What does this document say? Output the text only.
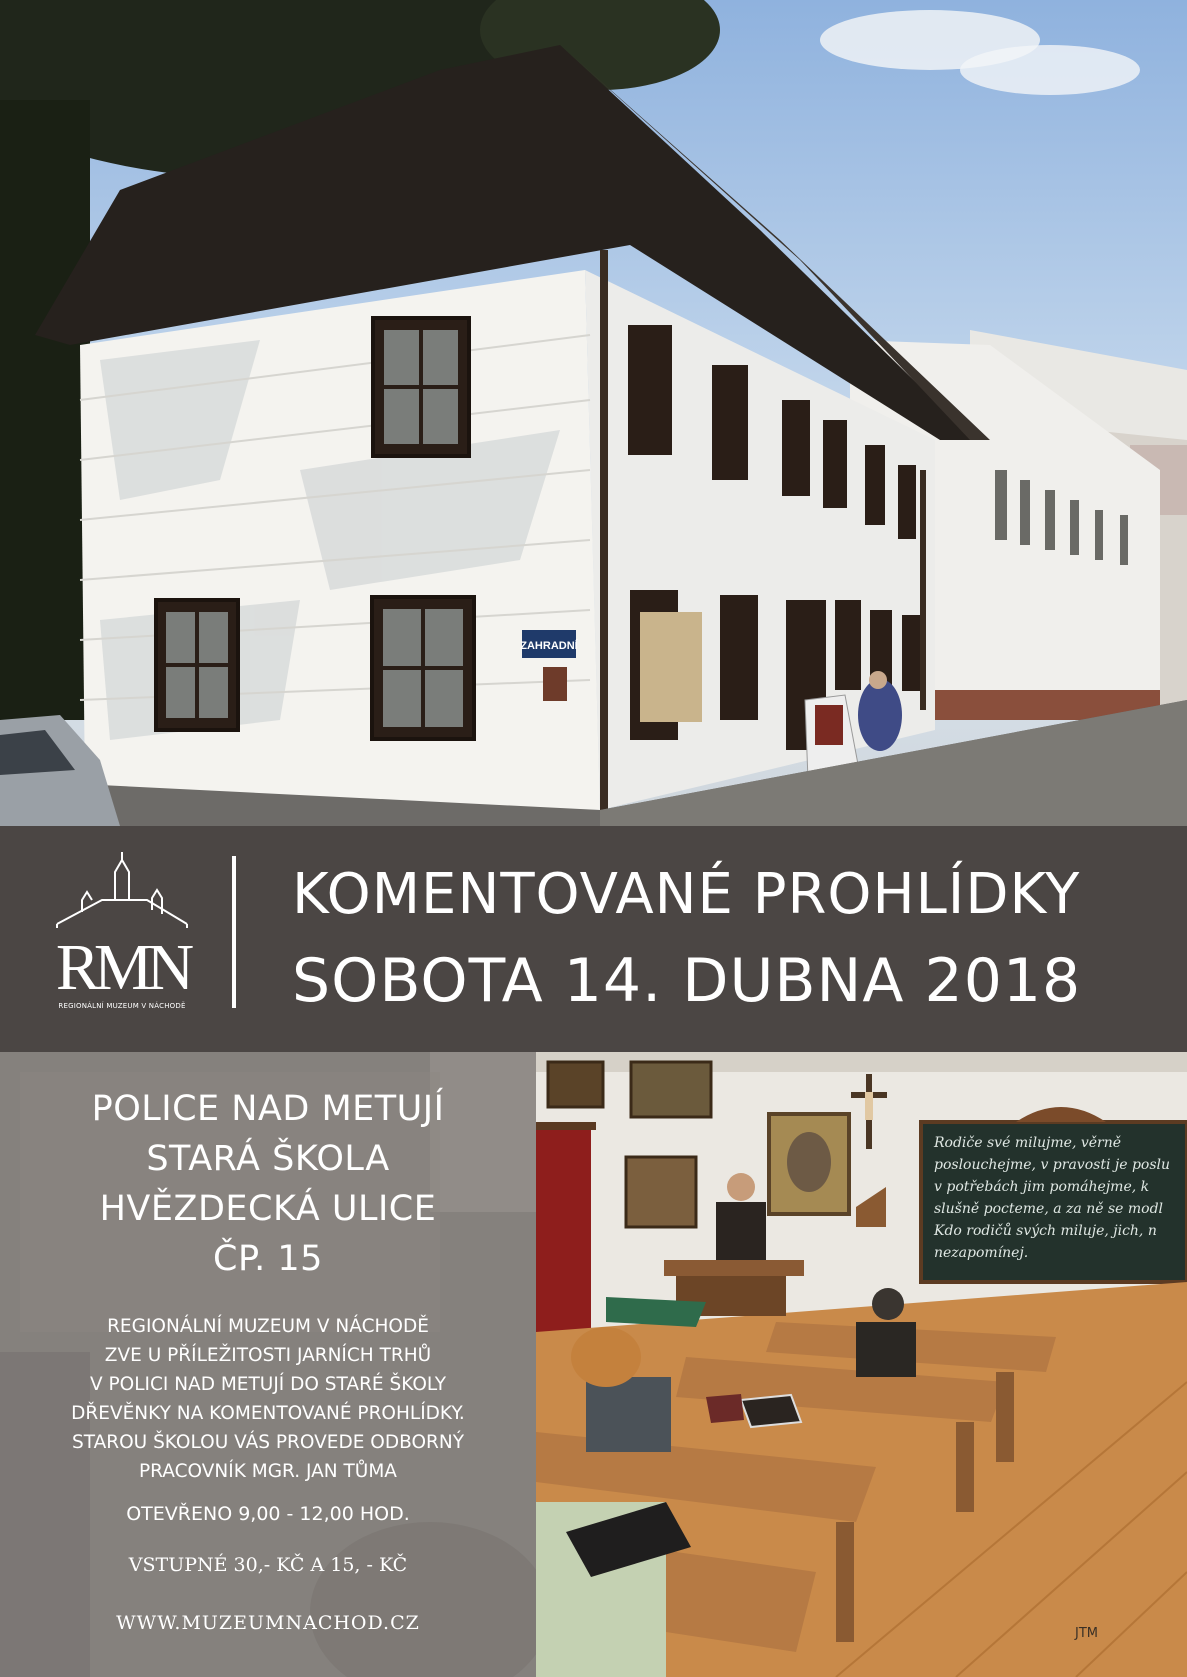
ZAHRADNÍ
RMN
REGIONÁLNÍ MUZEUM V NÁCHODĚ
KOMENTOVANÉ PROHLÍDKY
SOBOTA 14. DUBNA 2018
POLICE NAD METUJÍ
STARÁ ŠKOLA
HVĚZDECKÁ ULICE
ČP. 15
REGIONÁLNÍ MUZEUM V NÁCHODĚ
ZVE U PŘÍLEŽITOSTI JARNÍCH TRHŮ
V POLICI NAD METUJÍ DO STARÉ ŠKOLY
DŘEVĚNKY NA KOMENTOVANÉ PROHLÍDKY.
STAROU ŠKOLOU VÁS PROVEDE ODBORNÝ
PRACOVNÍK MGR. JAN TŮMA
OTEVŘENO 9,00 - 12,00 HOD.
VSTUPNÉ 30,- KČ A 15, - KČ
WWW.MUZEUMNACHOD.CZ
Rodiče své milujme, věrně
poslouchejme, v pravosti je poslu
v potřebách jim pomáhejme, k
slušně pocteme, a za ně se modl
Kdo rodičů svých miluje, jich, n
nezapomínej.
JTM
